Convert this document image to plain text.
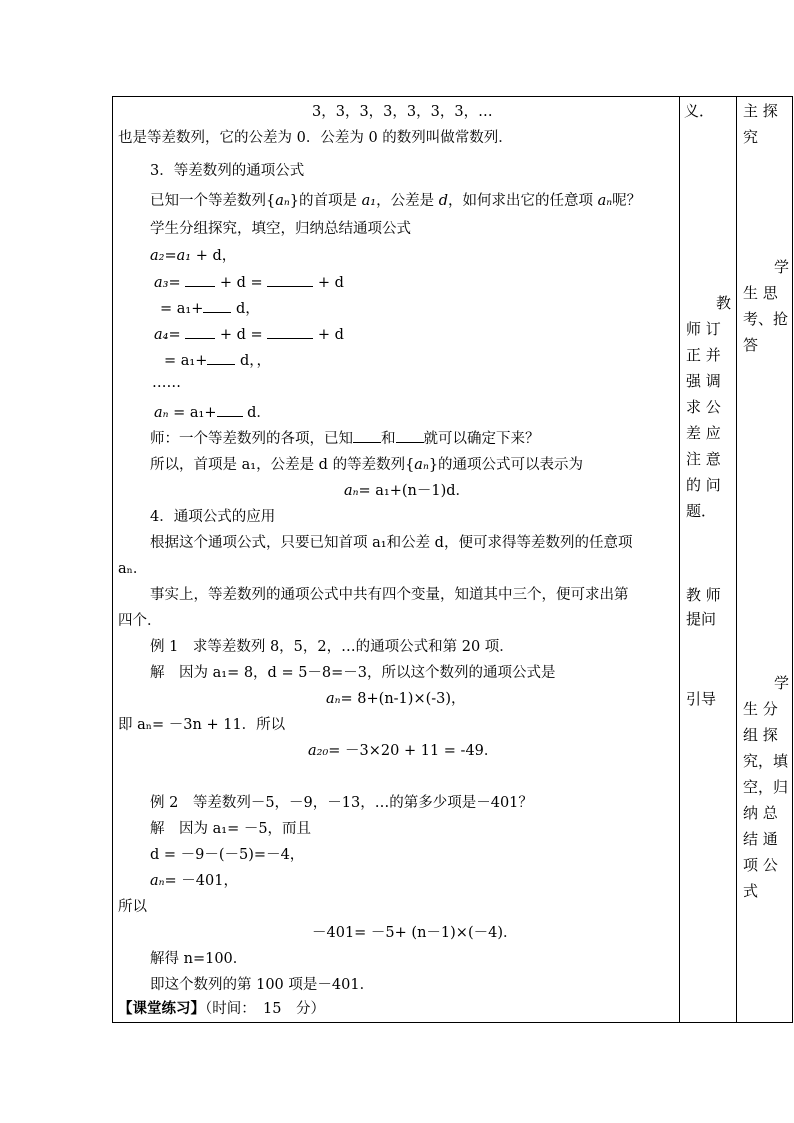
3，3，3，3，3，3，3，…
也是等差数列，它的公差为 0．公差为 0 的数列叫做常数列．
3．等差数列的通项公式
已知一个等差数列{aₙ}的首项是 a₁，公差是 d，如何求出它的任意项 aₙ呢？
学生分组探究，填空，归纳总结通项公式
a₂=a₁ + d，
a₃=	+ d =	+ d
= a₁+ d，
a₄=	+ d =	+ d
= a₁+ d，，
……
aₙ = a₁+ d．
师：一个等差数列的各项，已知 和 就可以确定下来？
所以，首项是 a₁，公差是 d 的等差数列{aₙ}的通项公式可以表示为
aₙ= a₁+(n－1)d．
4．通项公式的应用
根据这个通项公式，只要已知首项 a₁和公差 d，便可求得等差数列的任意项
aₙ．
事实上，等差数列的通项公式中共有四个变量，知道其中三个，便可求出第
四个．
例 1　求等差数列 8，5，2，…的通项公式和第 20 项．
解　因为 a₁= 8，d = 5－8=－3，所以这个数列的通项公式是
aₙ= 8+(n-1)×(-3)，
即 aₙ= －3n + 11．所以
a₂₀= －3×20 + 11 = -49．
例 2　等差数列－5，－9，－13，…的第多少项是－401？
解　因为 a₁= －5，而且
d = －9－(－5)=－4，
aₙ= －401，
所以
－401= －5+ (n－1)×(－4)．
解得 n=100．
即这个数列的第 100 项是－401．
【课堂练习】（时间：　15　分）
义．
教
师 订
正 并
强 调
求 公
差 应
注 意
的 问
题．
教 师
提问
引导
主 探
究
学
生 思
考、抢
答
学
生 分
组 探
究，填
空，归
纳 总
结 通
项 公
式
